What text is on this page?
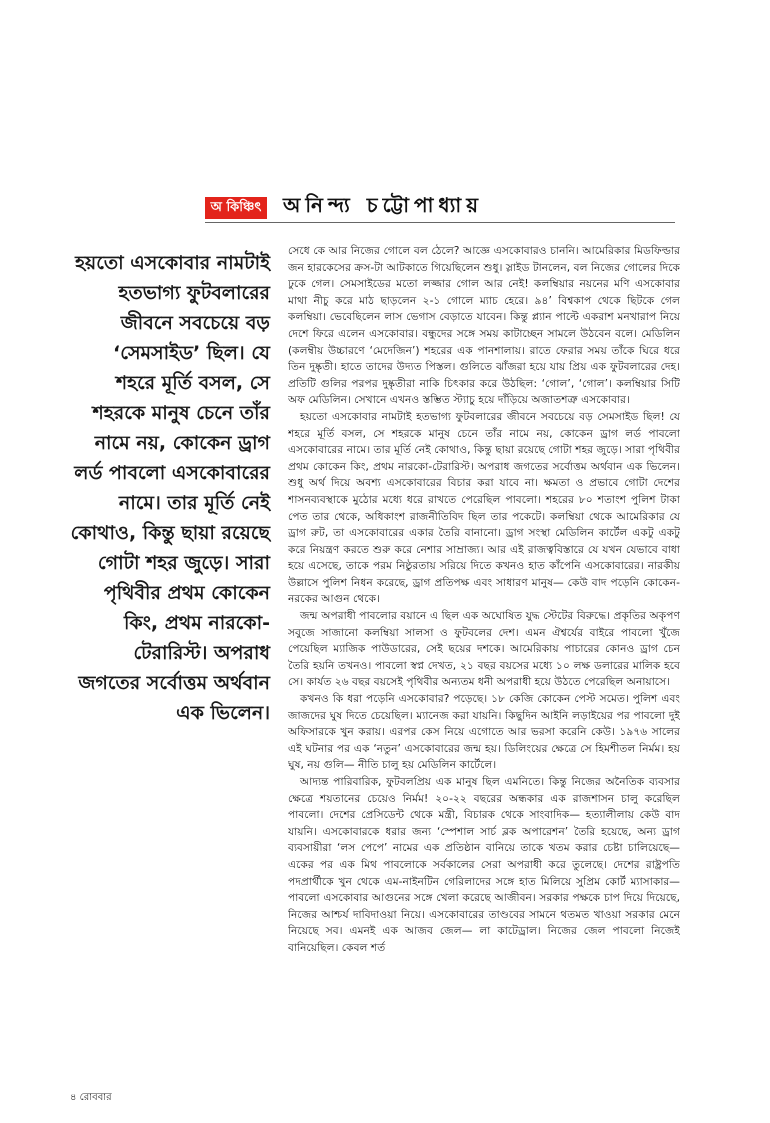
অ কিঞ্চিৎ অনিন্দ্য চট্টোপাধ্যায়

হয়তো এসকোবার নামটাই হতভাগ্য ফুটবলারের জীবনে সবচেয়ে বড় ‘সেমসাইড’ ছিল। যে শহরে মূর্তি বসল, সে শহরকে মানুষ চেনে তাঁর নামে নয়, কোকেন ড্রাগ লর্ড পাবলো এসকোবারের নামে। তার মূর্তি নেই কোথাও, কিন্তু ছায়া রয়েছে গোটা শহর জুড়ে। সারা পৃথিবীর প্রথম কোকেন কিং, প্রথম নারকো-টেরারিস্ট। অপরাধ জগতের সর্বোত্তম অর্থবান এক ভিলেন।

সেধে কে আর নিজের গোলে বল ঠেলে? আজ্ঞে এসকোবারও চাননি। আমেরিকার মিডফিল্ডার জন হারকেসের ক্রস-টা আটকাতে গিয়েছিলেন শুধু। স্লাইড টানলেন, বল নিজের গোলের দিকে ঢুকে গেল। সেমসাইডের মতো লজ্জার গোল আর নেই! কলম্বিয়ার নয়নের মণি এসকোবার মাথা নীচু করে মাঠ ছাড়লেন ২-১ গোলে ম্যাচ হেরে। ৯৪’ বিশ্বকাপ থেকে ছিটকে গেল কলম্বিয়া। ভেবেছিলেন লাস ভেগাস বেড়াতে যাবেন। কিন্তু প্ল্যান পাল্টে একরাশ মনখারাপ নিয়ে দেশে ফিরে এলেন এসকোবার। বন্ধুদের সঙ্গে সময় কাটাচ্ছেন সামলে উঠবেন বলে। মেডিলিন (কলম্বীয় উচ্চারণে ‘মেদেজিন’) শহরের এক পানশালায়। রাতে ফেরার সময় তাঁকে ঘিরে ধরে তিন দুষ্কৃতী। হাতে তাদের উদ্যত পিস্তল। গুলিতে ঝাঁজরা হয়ে যায় প্রিয় এক ফুটবলারের দেহ। প্রতিটি গুলির পরপর দুষ্কৃতীরা নাকি চিৎকার করে উঠছিল: ‘গোল’, ‘গোল’। কলম্বিয়ার সিটি অফ মেডিলিন। সেখানে এখনও স্তম্ভিত স্ট্যাচু হয়ে দাঁড়িয়ে অজাতশত্রু এসকোবার।

হয়তো এসকোবার নামটাই হতভাগ্য ফুটবলারের জীবনে সবচেয়ে বড় সেমসাইড ছিল! যে শহরে মূর্তি বসল, সে শহরকে মানুষ চেনে তাঁর নামে নয়, কোকেন ড্রাগ লর্ড পাবলো এসকোবারের নামে। তার মূর্তি নেই কোথাও, কিন্তু ছায়া রয়েছে গোটা শহর জুড়ে। সারা পৃথিবীর প্রথম কোকেন কিং, প্রথম নারকো-টেরারিস্ট। অপরাধ জগতের সর্বোত্তম অর্থবান এক ভিলেন। শুধু অর্থ দিয়ে অবশ্য এসকোবারের বিচার করা যাবে না। ক্ষমতা ও প্রভাবে গোটা দেশের শাসনব্যবস্থাকে মুঠোর মধ্যে ধরে রাখতে পেরেছিল পাবলো। শহরের ৮০ শতাংশ পুলিশ টাকা পেত তার থেকে, অধিকাংশ রাজনীতিবিদ ছিল তার পকেটে। কলম্বিয়া থেকে আমেরিকার যে ড্রাগ রুট, তা এসকোবারের একার তৈরি বানানো। ড্রাগ সংস্থা মেডিলিন কার্টেল একটু একটু করে নিয়ন্ত্রণ করতে শুরু করে নেশার সাম্রাজ্য। আর এই রাজত্ববিস্তারে যে যখন যেভাবে বাধা হয়ে এসেছে, তাকে পরম নিষ্ঠুরতায় সরিয়ে দিতে কখনও হাত কাঁপেনি এসকোবারের। নারকীয় উল্লাসে পুলিশ নিধন করেছে, ড্রাগ প্রতিপক্ষ এবং সাধারণ মানুষ— কেউ বাদ পড়েনি কোকেন-নরকের আগুন থেকে।

জন্ম অপরাধী পাবলোর বয়ানে এ ছিল এক অঘোষিত যুদ্ধ স্টেটের বিরুদ্ধে। প্রকৃতির অকৃপণ সবুজে সাজানো কলম্বিয়া সালসা ও ফুটবলের দেশ। এমন ঐশ্বর্যের বাইরে পাবলো খুঁজে পেয়েছিল ম্যাজিক পাউডারের, সেই ছয়ের দশকে। আমেরিকায় পাচারের কোনও ড্রাগ চেন তৈরি হয়নি তখনও। পাবলো স্বপ্ন দেখত, ২১ বছর বয়সের মধ্যে ১০ লক্ষ ডলারের মালিক হবে সে। কার্যত ২৬ বছর বয়সেই পৃথিবীর অন্যতম ধনী অপরাধী হয়ে উঠতে পেরেছিল অনায়াসে।

কখনও কি ধরা পড়েনি এসকোবার? পড়েছে। ১৮ কেজি কোকেন পেস্ট সমেত। পুলিশ এবং জাজদের ঘুষ দিতে চেয়েছিল। ম্যানেজ করা যায়নি। কিছুদিন আইনি লড়াইয়ের পর পাবলো দুই অফিসারকে খুন করায়। এরপর কেস নিয়ে এগোতে আর ভরসা করেনি কেউ। ১৯৭৬ সালের এই ঘটনার পর এক ‘নতুন’ এসকোবারের জন্ম হয়। ডিলিংয়ের ক্ষেত্রে সে হিমশীতল নির্মম। হয় ঘুষ, নয় গুলি— নীতি চালু হয় মেডিলিন কার্টেলে।

আদ্যন্ত পারিবারিক, ফুটবলপ্রিয় এক মানুষ ছিল এমনিতে। কিন্তু নিজের অনৈতিক ব্যবসার ক্ষেত্রে শয়তানের চেয়েও নির্মম! ২০-২২ বছরের অন্ধকার এক রাজশাসন চালু করেছিল পাবলো। দেশের প্রেসিডেন্ট থেকে মন্ত্রী, বিচারক থেকে সাংবাদিক— হত্যালীলায় কেউ বাদ যায়নি। এসকোবারকে ধরার জন্য ‘স্পেশাল সার্চ ব্লক অপারেশন’ তৈরি হয়েছে, অন্য ড্রাগ ব্যবসায়ীরা ‘লস পেপে’ নামের এক প্রতিষ্ঠান বানিয়ে তাকে খতম করার চেষ্টা চালিয়েছে— একের পর এক মিথ পাবলোকে সর্বকালের সেরা অপরাধী করে তুলেছে। দেশের রাষ্ট্রপতি পদপ্রার্থীকে খুন থেকে এম-নাইনটিন গেরিলাদের সঙ্গে হাত মিলিয়ে সুপ্রিম কোর্ট ম্যাসাকার— পাবলো এসকোবার আগুনের সঙ্গে খেলা করেছে আজীবন। সরকার পক্ষকে চাপ দিয়ে দিয়েছে, নিজের আশ্চর্য দাবিদাওয়া নিয়ে। এসকোবারের তাণ্ডবের সামনে থতমত খাওয়া সরকার মেনে নিয়েছে সব। এমনই এক আজব জেল— লা কাটেড্রাল। নিজের জেল পাবলো নিজেই বানিয়েছিল। কেবল শর্ত

৪ রোববার
